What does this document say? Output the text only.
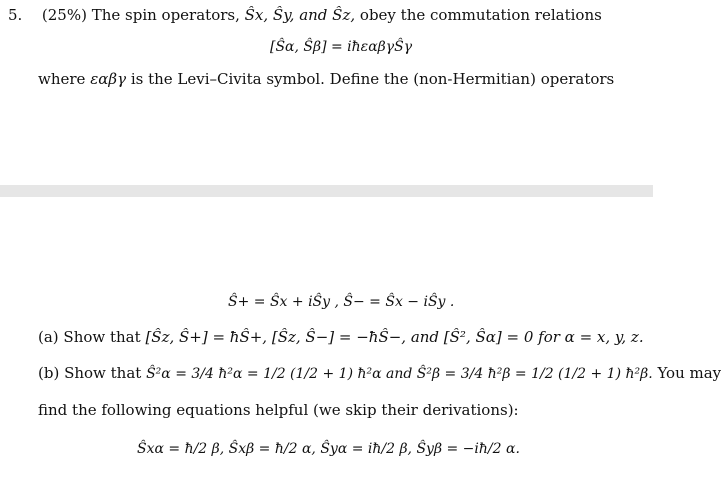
5. (25%) The spin operators, Ŝx, Ŝy, and Ŝz, obey the commutation relations
[Ŝα, Ŝβ] = iħεαβγŜγ
where εαβγ is the Levi–Civita symbol. Define the (non-Hermitian) operators
Ŝ+ = Ŝx + iŜy , Ŝ− = Ŝx − iŜy .
(a) Show that [Ŝz, Ŝ+] = ħŜ+, [Ŝz, Ŝ−] = −ħŜ−, and [Ŝ², Ŝα] = 0 for α = x, y, z.
(b) Show that Ŝ²α = 3/4 ħ²α = 1/2 (1/2 + 1) ħ²α and Ŝ²β = 3/4 ħ²β = 1/2 (1/2 + 1) ħ²β. You may
find the following equations helpful (we skip their derivations):
Ŝxα = ħ/2 β, Ŝxβ = ħ/2 α, Ŝyα = iħ/2 β, Ŝyβ = −iħ/2 α.
